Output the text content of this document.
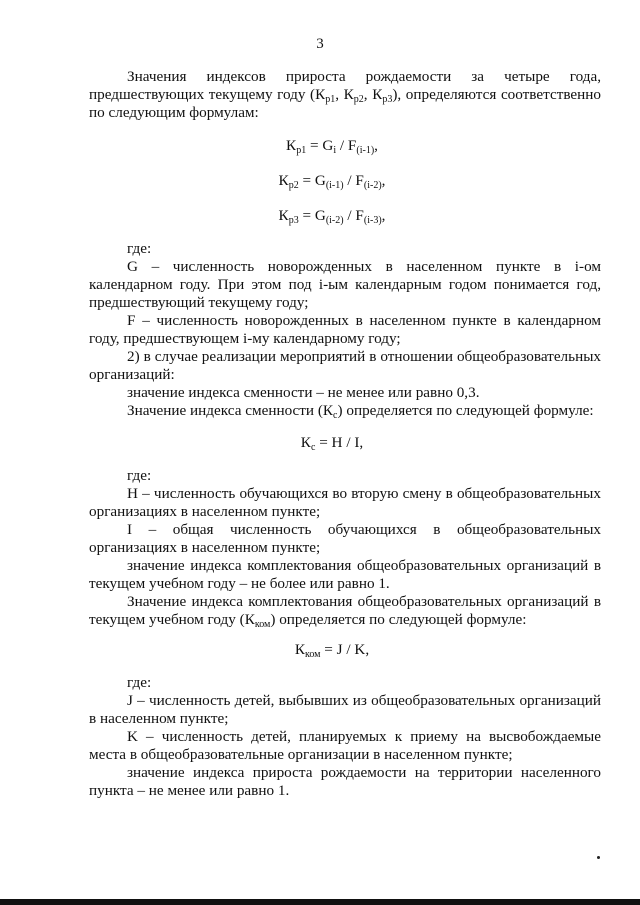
3

Значения индексов прироста рождаемости за четыре года, предшествующих текущему году ($К_{р1}$, $К_{р2}$, $К_{р3}$), определяются соответственно по следующим формулам:

$К_{р1} = G_i / F_{(i-1)}$,
$К_{р2} = G_{(i-1)} / F_{(i-2)}$,
$К_{р3} = G_{(i-2)} / F_{(i-3)}$,

где:

G – численность новорожденных в населенном пункте в i-ом календарном году. При этом под i-ым календарным годом понимается год, предшествующий текущему году;

F – численность новорожденных в населенном пункте в календарном году, предшествующем i-му календарному году;

2) в случае реализации мероприятий в отношении общеобразовательных организаций:

значение индекса сменности – не менее или равно 0,3.

Значение индекса сменности $(К_с)$ определяется по следующей формуле:

$К_с = H / I$,

где:

H – численность обучающихся во вторую смену в общеобразовательных организациях в населенном пункте;

I – общая численность обучающихся в общеобразовательных организациях в населенном пункте;

значение индекса комплектования общеобразовательных организаций в текущем учебном году – не более или равно 1.

Значение индекса комплектования общеобразовательных организаций в текущем учебном году $(К_{ком})$ определяется по следующей формуле:

$К_{ком} = J / K$,

где:

J – численность детей, выбывших из общеобразовательных организаций в населенном пункте;

K – численность детей, планируемых к приему на высвобождаемые места в общеобразовательные организации в населенном пункте;

значение индекса прироста рождаемости на территории населенного пункта – не менее или равно 1.
